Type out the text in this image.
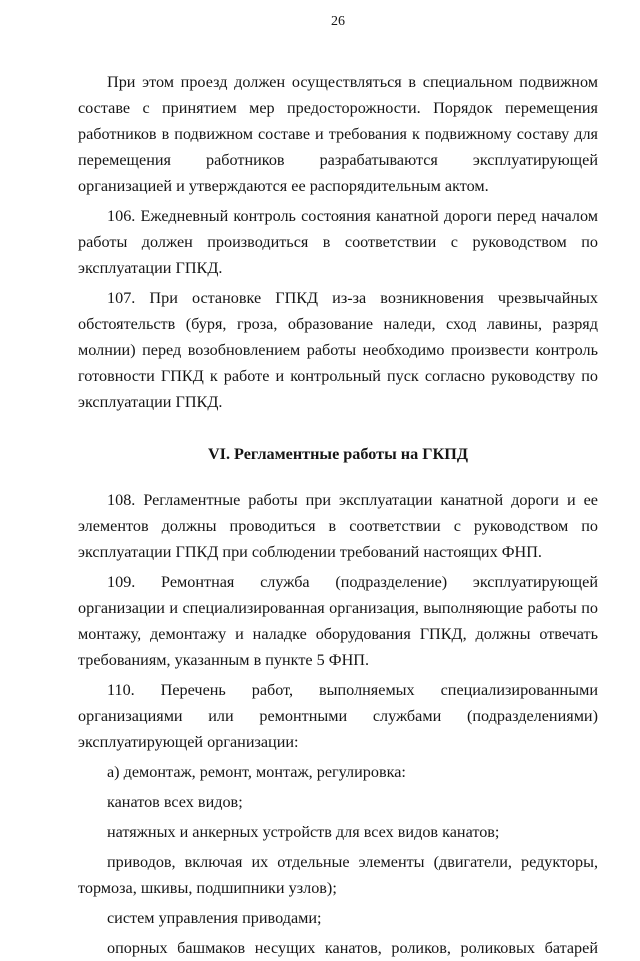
26

При этом проезд должен осуществляться в специальном подвижном составе с принятием мер предосторожности. Порядок перемещения работников в подвижном составе и требования к подвижному составу для перемещения работников разрабатываются эксплуатирующей организацией и утверждаются ее распорядительным актом.

106. Ежедневный контроль состояния канатной дороги перед началом работы должен производиться в соответствии с руководством по эксплуатации ГПКД.

107. При остановке ГПКД из-за возникновения чрезвычайных обстоятельств (буря, гроза, образование наледи, сход лавины, разряд молнии) перед возобновлением работы необходимо произвести контроль готовности ГПКД к работе и контрольный пуск согласно руководству по эксплуатации ГПКД.

VI. Регламентные работы на ГКПД

108. Регламентные работы при эксплуатации канатной дороги и ее элементов должны проводиться в соответствии с руководством по эксплуатации ГПКД при соблюдении требований настоящих ФНП.

109. Ремонтная служба (подразделение) эксплуатирующей организации и специализированная организация, выполняющие работы по монтажу, демонтажу и наладке оборудования ГПКД, должны отвечать требованиям, указанным в пункте 5 ФНП.

110. Перечень работ, выполняемых специализированными организациями или ремонтными службами (подразделениями) эксплуатирующей организации:

а) демонтаж, ремонт, монтаж, регулировка:

канатов всех видов;

натяжных и анкерных устройств для всех видов канатов;

приводов, включая их отдельные элементы (двигатели, редукторы, тормоза, шкивы, подшипники узлов);

систем управления приводами;

опорных башмаков несущих канатов, роликов, роликовых батарей
